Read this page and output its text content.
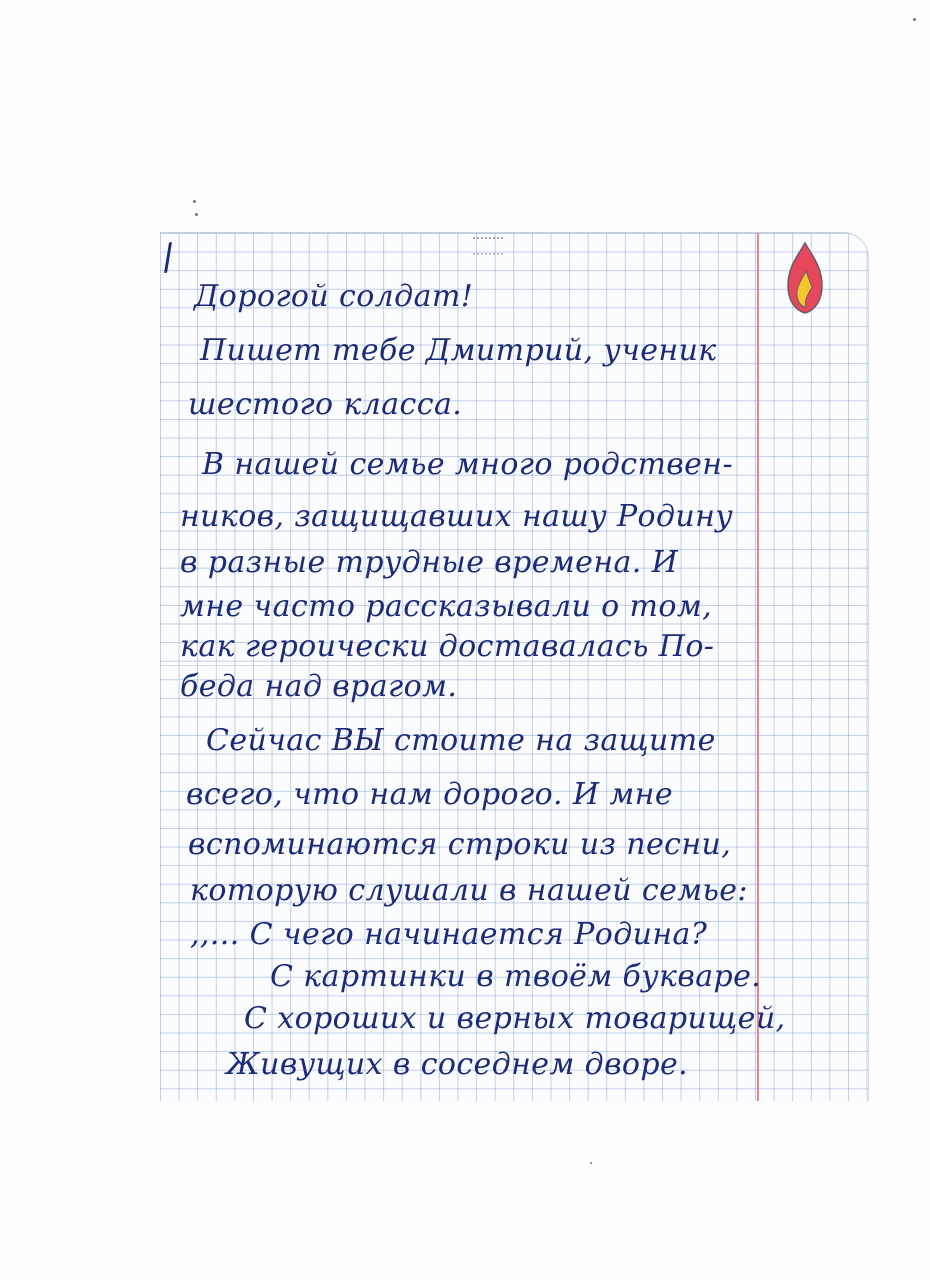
/
Дорогой солдат!
Пишет тебе Дмитрий, ученик
шестого класса.
В нашей семье много родствен-
ников, защищавших нашу Родину
в разные трудные времена. И
мне часто рассказывали о том,
как героически доставалась По-
беда над врагом.
Сейчас ВЫ стоите на защите
всего, что нам дорого. И мне
вспоминаются строки из песни,
которую слушали в нашей семье:
,,... С чего начинается Родина?
С картинки в твоём букваре.
С хороших и верных товарищей,
Живущих в соседнем дворе.
